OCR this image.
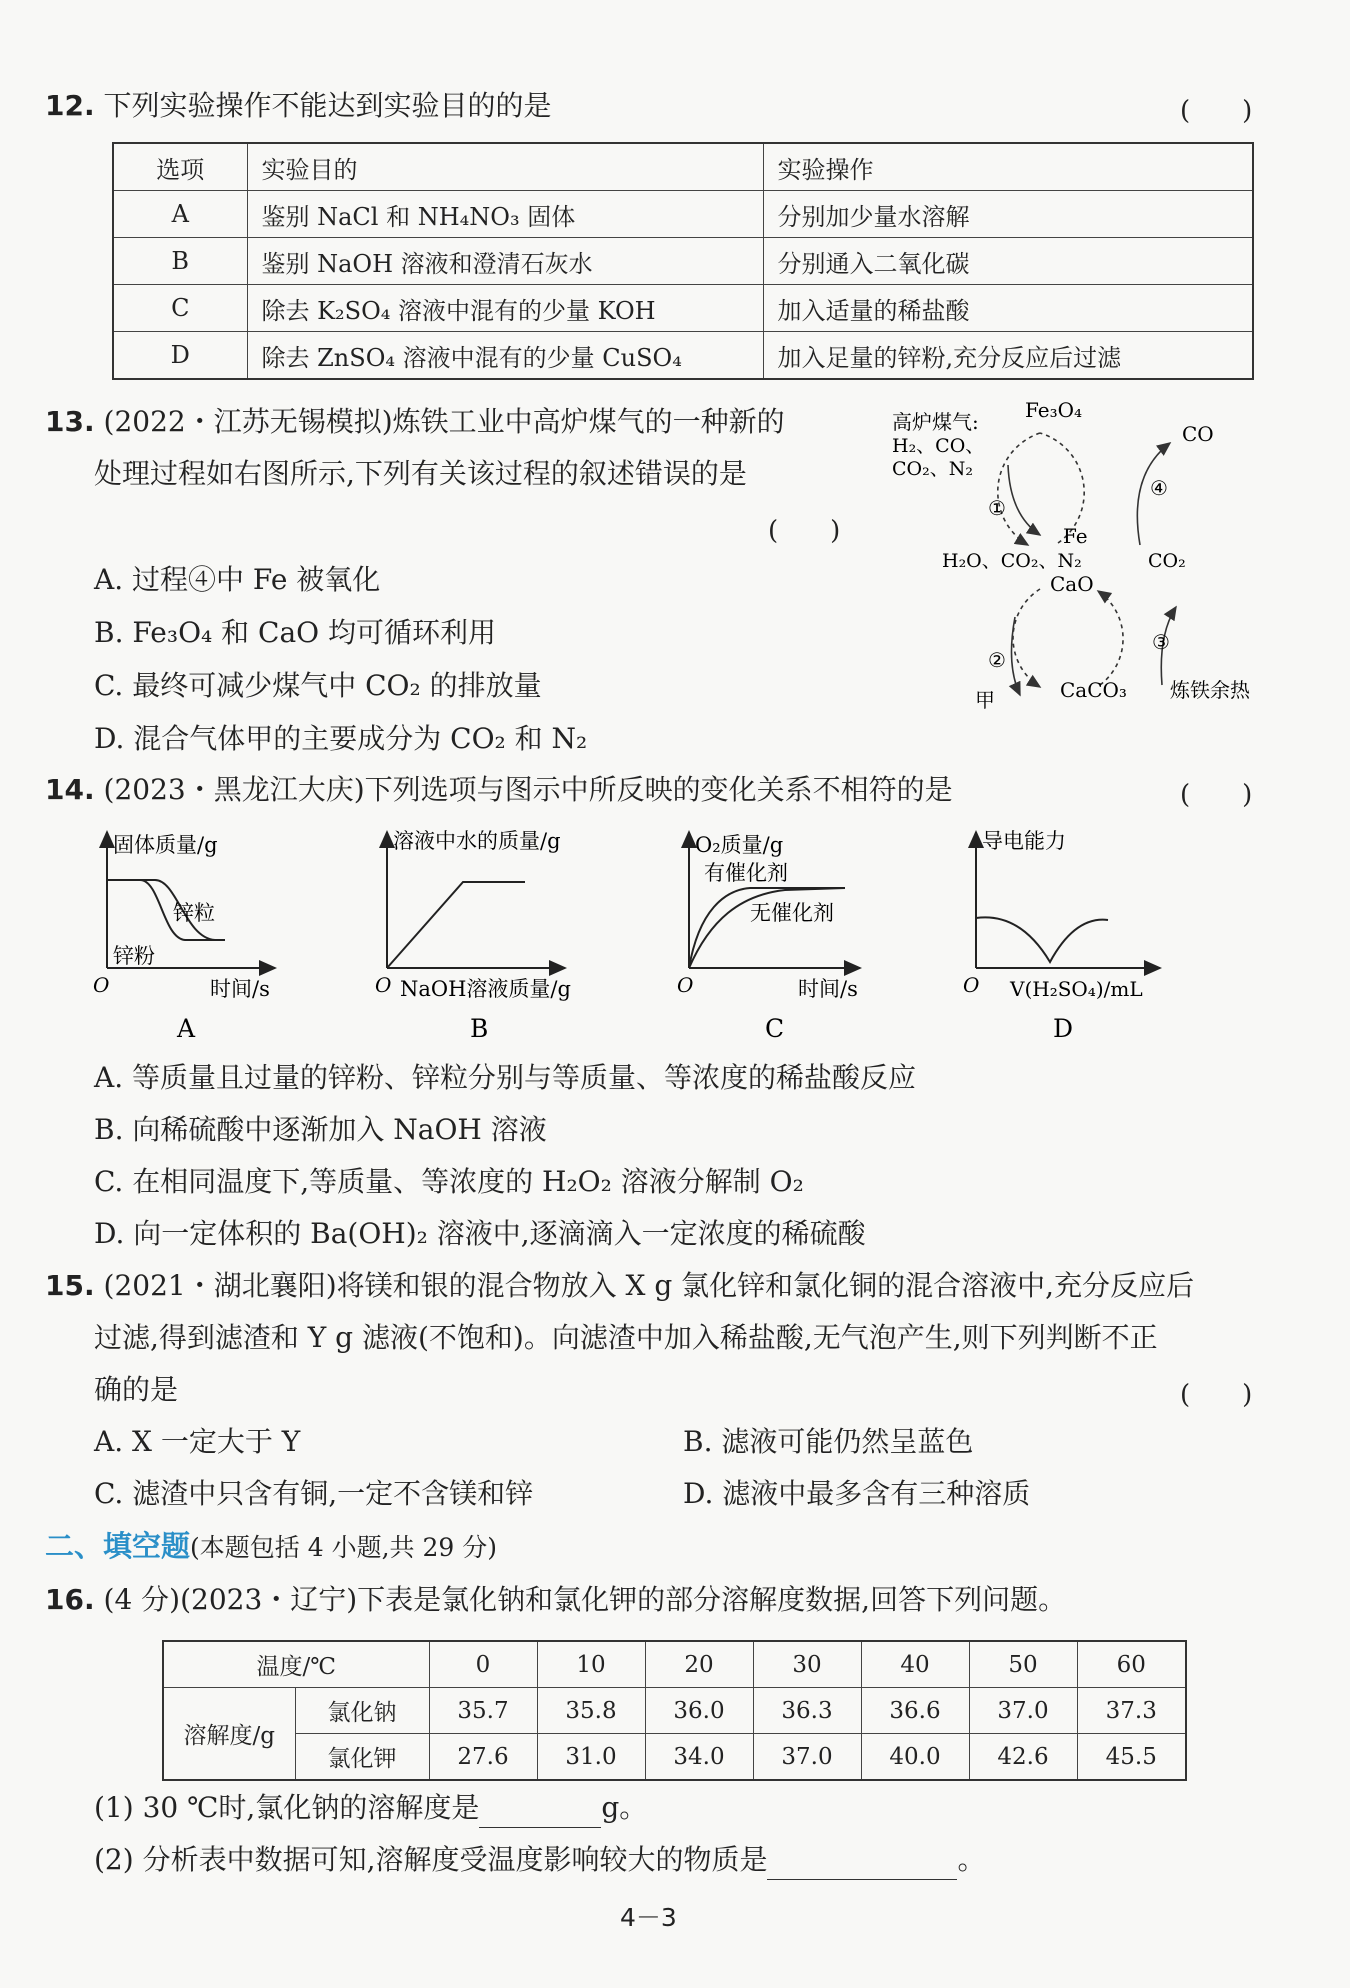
12. 下列实验操作不能达到实验目的的是	(　　)
选项	实验目的	实验操作
A	鉴别 NaCl 和 NH₄NO₃ 固体	分别加少量水溶解
B	鉴别 NaOH 溶液和澄清石灰水	分别通入二氧化碳
C	除去 K₂SO₄ 溶液中混有的少量 KOH	加入适量的稀盐酸
D	除去 ZnSO₄ 溶液中混有的少量 CuSO₄	加入足量的锌粉,充分反应后过滤
13. (2022・江苏无锡模拟)炼铁工业中高炉煤气的一种新的
处理过程如右图所示,下列有关该过程的叙述错误的是
(　　)
A. 过程④中 Fe 被氧化
B. Fe₃O₄ 和 CaO 均可循环利用
C. 最终可减少煤气中 CO₂ 的排放量
D. 混合气体甲的主要成分为 CO₂ 和 N₂
高炉煤气:
H₂、CO、
CO₂、N₂
Fe₃O₄
CO
Fe
H₂O、CO₂、N₂	CO₂
CaO
甲	CaCO₃ 炼铁余热
①
②
③
④
14. (2023・黑龙江大庆)下列选项与图示中所反映的变化关系不相符的是	(　　)
固体质量/g
锌粒
锌粉
O	时间/s
A
溶液中水的质量/g
O NaOH溶液质量/g
B
O₂质量/g
有催化剂
无催化剂
O	时间/s
C
导电能力
O V(H₂SO₄)/mL
D
A. 等质量且过量的锌粉、锌粒分别与等质量、等浓度的稀盐酸反应
B. 向稀硫酸中逐渐加入 NaOH 溶液
C. 在相同温度下,等质量、等浓度的 H₂O₂ 溶液分解制 O₂
D. 向一定体积的 Ba(OH)₂ 溶液中,逐滴滴入一定浓度的稀硫酸
15. (2021・湖北襄阳)将镁和银的混合物放入 X g 氯化锌和氯化铜的混合溶液中,充分反应后
过滤,得到滤渣和 Y g 滤液(不饱和)。向滤渣中加入稀盐酸,无气泡产生,则下列判断不正
确的是	(　　)
A. X 一定大于 Y	B. 滤液可能仍然呈蓝色
C. 滤渣中只含有铜,一定不含镁和锌	D. 滤液中最多含有三种溶质
二、填空题(本题包括 4 小题,共 29 分)
16. (4 分)(2023・辽宁)下表是氯化钠和氯化钾的部分溶解度数据,回答下列问题。
温度/℃		0	10	20	30	40	50	60
溶解度/g	氯化钠	35.7	35.8	36.0	36.3	36.6	37.0	37.3
	氯化钾	27.6	31.0	34.0	37.0	40.0	42.6	45.5
(1) 30 ℃时,氯化钠的溶解度是	g。
(2) 分析表中数据可知,溶解度受温度影响较大的物质是	。
4－3
